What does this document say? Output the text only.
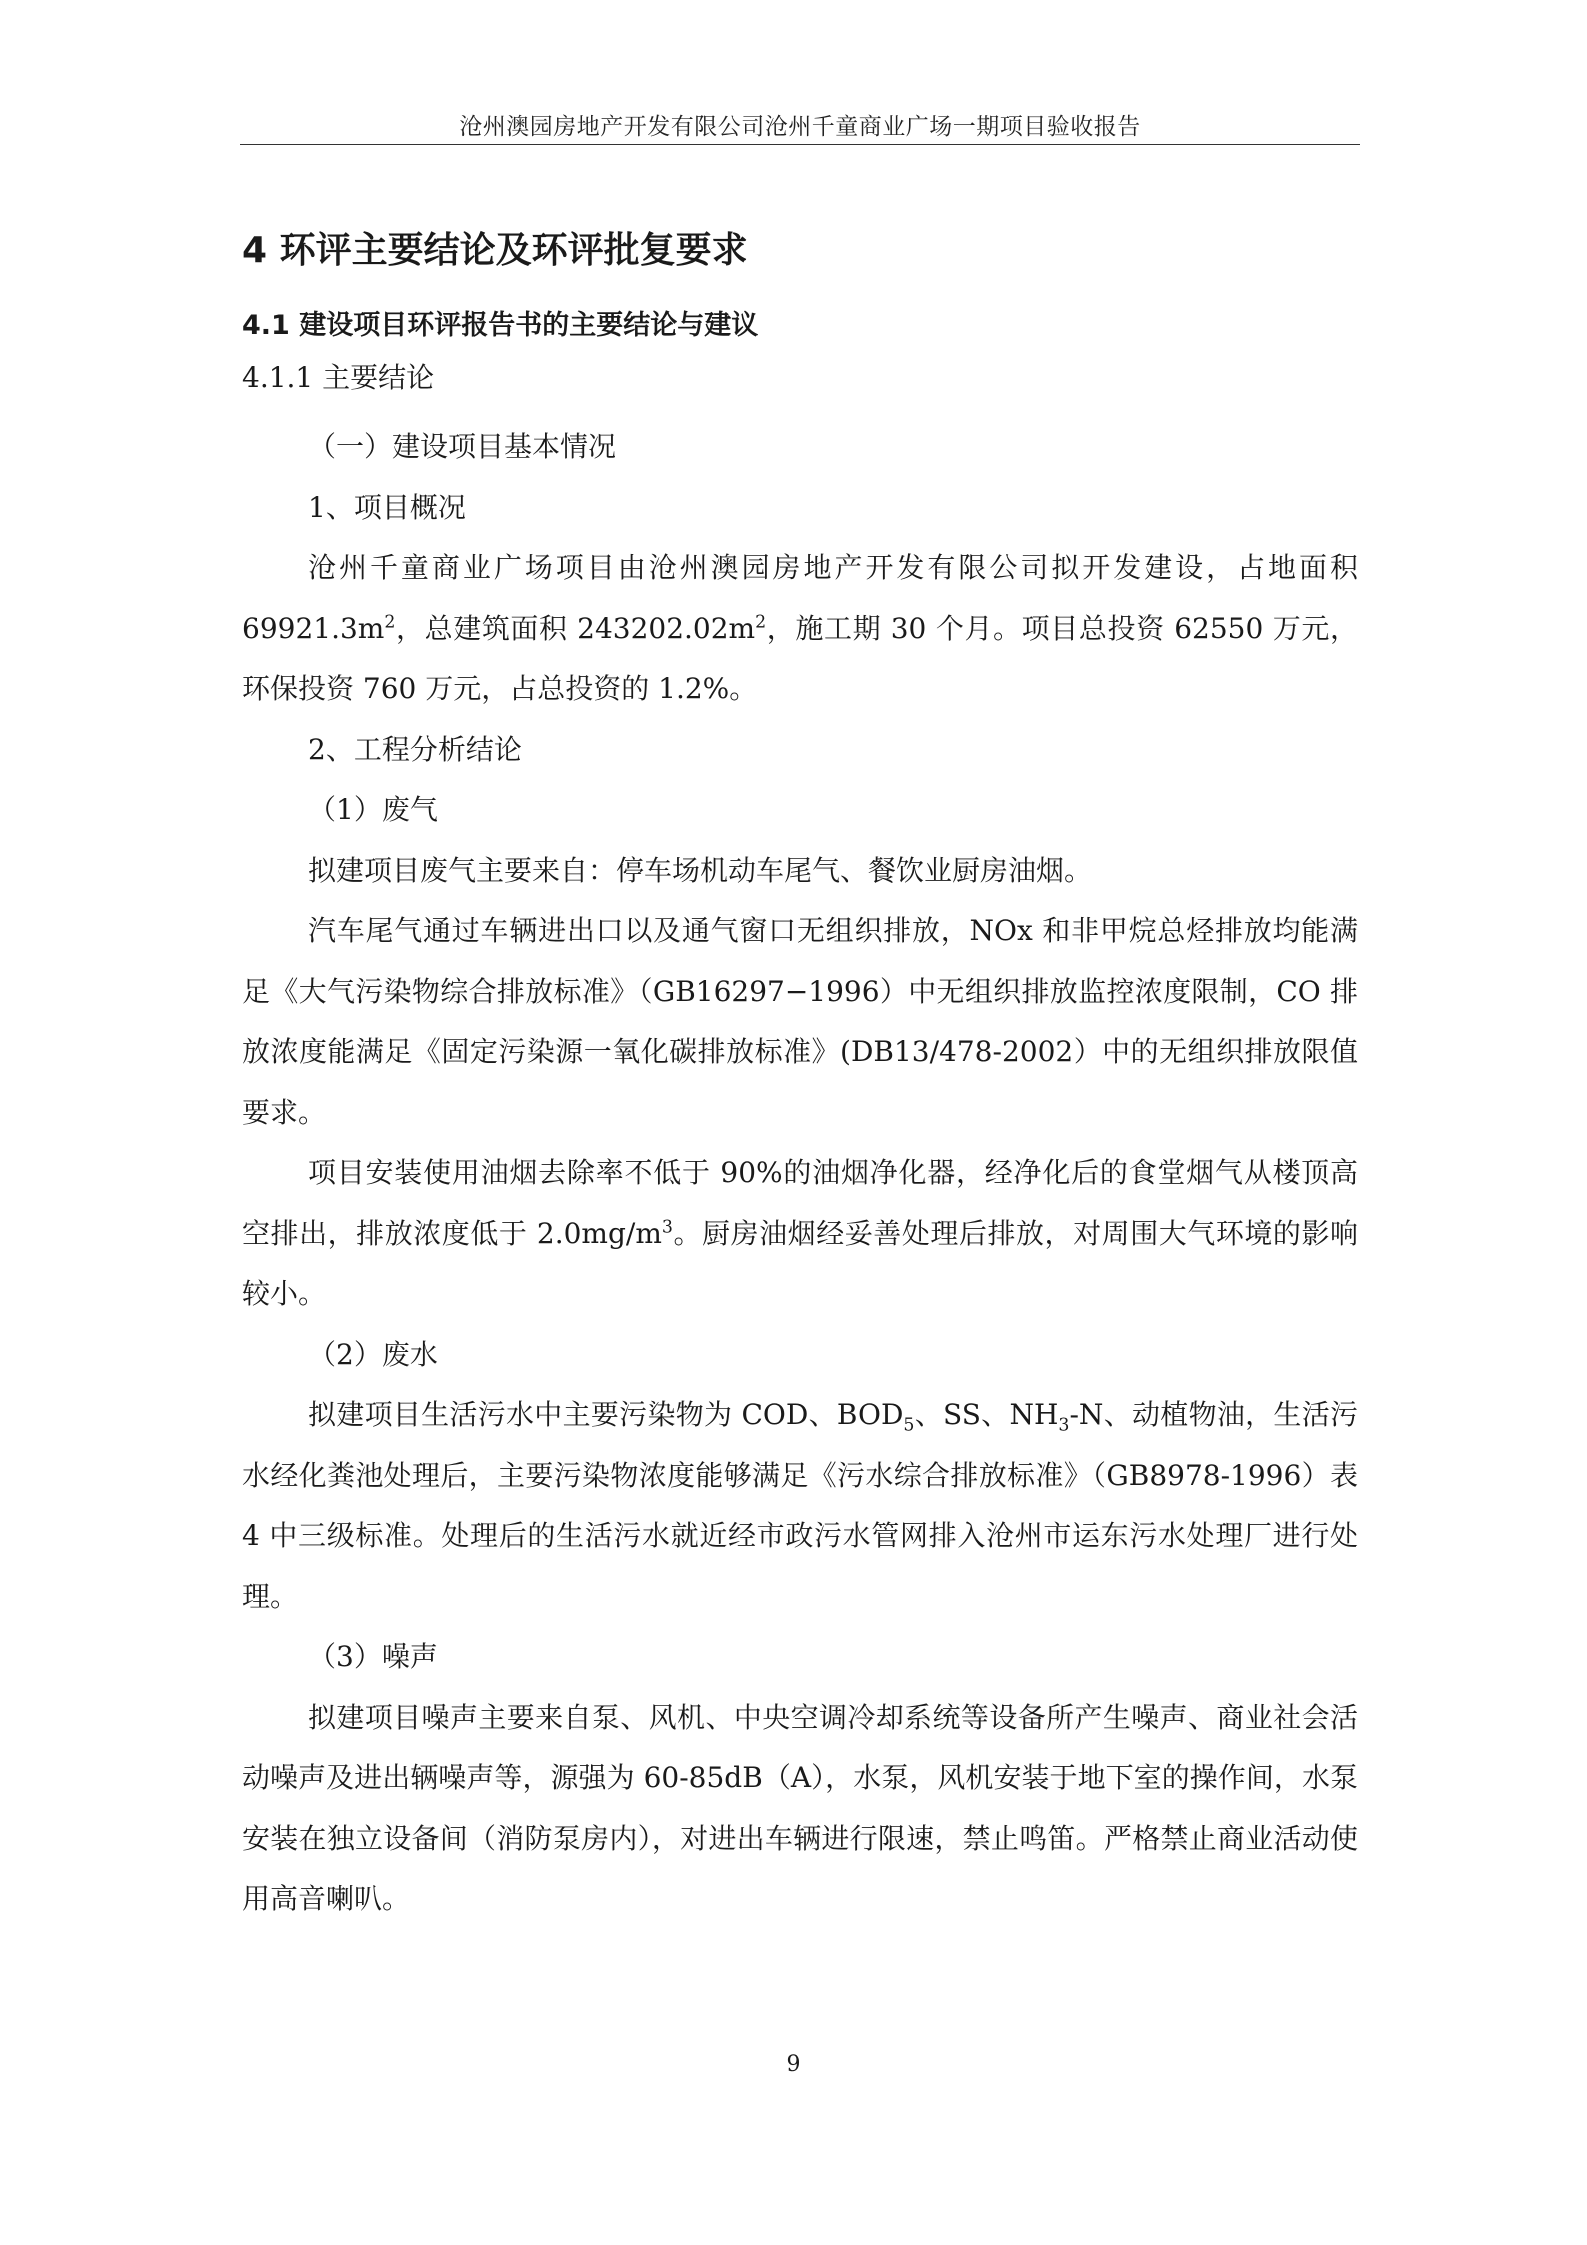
沧州澳园房地产开发有限公司沧州千童商业广场一期项目验收报告
4 环评主要结论及环评批复要求
4.1 建设项目环评报告书的主要结论与建议
4.1.1 主要结论

（一）建设项目基本情况

1、项目概况

沧州千童商业广场项目由沧州澳园房地产开发有限公司拟开发建设，占地面积 $69921.3m^2$，总建筑面积 $243202.02m^2$，施工期 30 个月。项目总投资 62550 万元，环保投资 760 万元，占总投资的 1.2%。

2、工程分析结论

（1）废气

拟建项目废气主要来自：停车场机动车尾气、餐饮业厨房油烟。

汽车尾气通过车辆进出口以及通气窗口无组织排放，NOx 和非甲烷总烃排放均能满足《大气污染物综合排放标准》（GB16297−1996）中无组织排放监控浓度限制，CO 排放浓度能满足《固定污染源一氧化碳排放标准》(DB13/478-2002）中的无组织排放限值要求。

项目安装使用油烟去除率不低于 90%的油烟净化器，经净化后的食堂烟气从楼顶高空排出，排放浓度低于 $2.0mg/m^3$。厨房油烟经妥善处理后排放，对周围大气环境的影响较小。

（2）废水

拟建项目生活污水中主要污染物为 COD、$BOD_5$、SS、$NH_3-N$、动植物油，生活污水经化粪池处理后，主要污染物浓度能够满足《污水综合排放标准》（GB8978-1996）表 4 中三级标准。处理后的生活污水就近经市政污水管网排入沧州市运东污水处理厂进行处理。

（3）噪声

拟建项目噪声主要来自泵、风机、中央空调冷却系统等设备所产生噪声、商业社会活动噪声及进出辆噪声等，源强为 60-85dB（A），水泵，风机安装于地下室的操作间，水泵安装在独立设备间（消防泵房内），对进出车辆进行限速，禁止鸣笛。严格禁止商业活动使用高音喇叭。

9
